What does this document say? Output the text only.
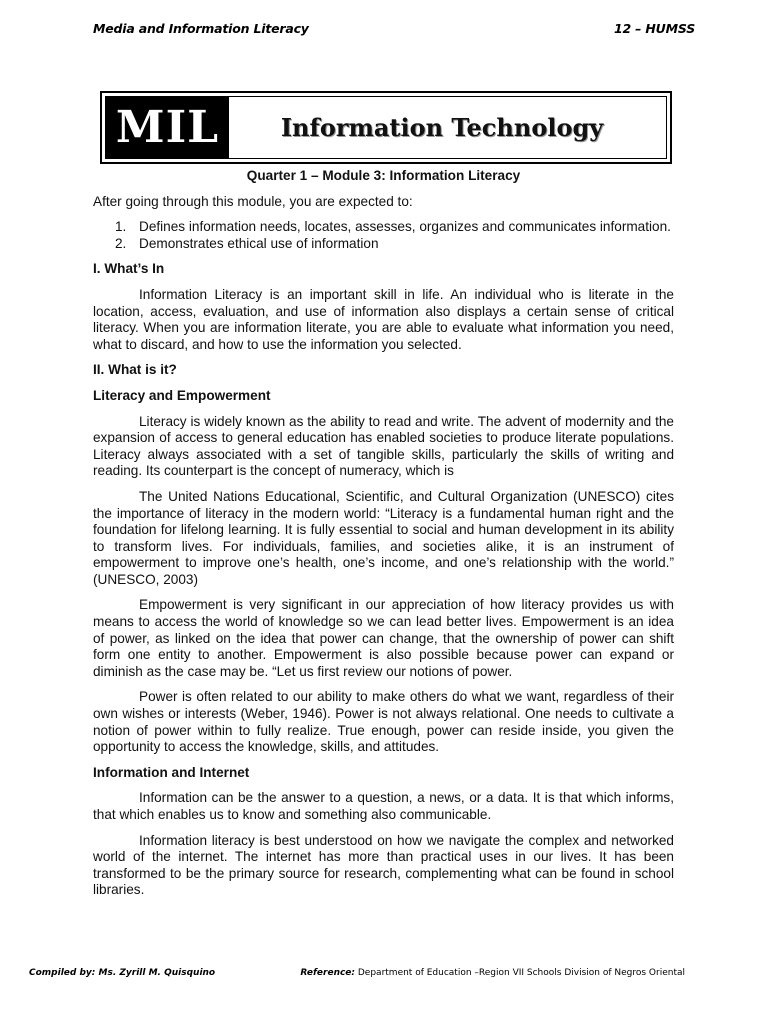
Media and Information Literacy	12 – HUMSS
MIL	Information Technology
Quarter 1 – Module 3: Information Literacy

After going through this module, you are expected to:

1. Defines information needs, locates, assesses, organizes and communicates information.
2. Demonstrates ethical use of information
I. What’s In

Information Literacy is an important skill in life. An individual who is literate in the location, access, evaluation, and use of information also displays a certain sense of critical literacy. When you are information literate, you are able to evaluate what information you need, what to discard, and how to use the information you selected.

II. What is it?
Literacy and Empowerment

Literacy is widely known as the ability to read and write. The advent of modernity and the expansion of access to general education has enabled societies to produce literate populations. Literacy always associated with a set of tangible skills, particularly the skills of writing and reading. Its counterpart is the concept of numeracy, which is

The United Nations Educational, Scientific, and Cultural Organization (UNESCO) cites the importance of literacy in the modern world: “Literacy is a fundamental human right and the foundation for lifelong learning. It is fully essential to social and human development in its ability to transform lives. For individuals, families, and societies alike, it is an instrument of empowerment to improve one’s health, one’s income, and one’s relationship with the world.” (UNESCO, 2003)

Empowerment is very significant in our appreciation of how literacy provides us with means to access the world of knowledge so we can lead better lives. Empowerment is an idea of power, as linked on the idea that power can change, that the ownership of power can shift form one entity to another. Empowerment is also possible because power can expand or diminish as the case may be. “Let us first review our notions of power.

Power is often related to our ability to make others do what we want, regardless of their own wishes or interests (Weber, 1946). Power is not always relational. One needs to cultivate a notion of power within to fully realize. True enough, power can reside inside, you given the opportunity to access the knowledge, skills, and attitudes.

Information and Internet

Information can be the answer to a question, a news, or a data. It is that which informs, that which enables us to know and something also communicable.

Information literacy is best understood on how we navigate the complex and networked world of the internet. The internet has more than practical uses in our lives. It has been transformed to be the primary source for research, complementing what can be found in school libraries.

Compiled by: Ms. Zyrill M. Quisquino	Reference: Department of Education –Region VII Schools Division of Negros Oriental
